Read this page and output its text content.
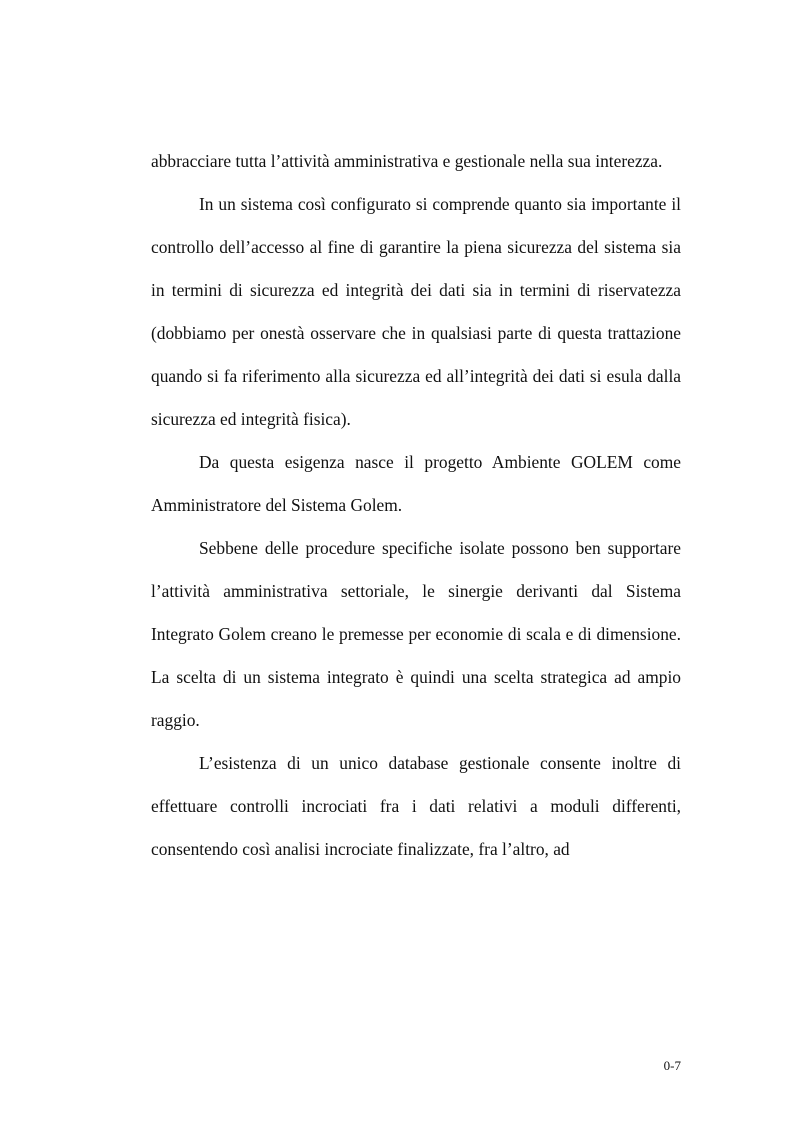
abbracciare tutta l’attività amministrativa e gestionale nella sua interezza.

In un sistema così configurato si comprende quanto sia importante il controllo dell’accesso al fine di garantire la piena sicurezza del sistema sia in termini di sicurezza ed integrità dei dati sia in termini di riservatezza (dobbiamo per onestà osservare che in qualsiasi parte di questa trattazione quando si fa riferimento alla sicurezza ed all’integrità dei dati si esula dalla sicurezza ed integrità fisica).

Da questa esigenza nasce il progetto Ambiente GOLEM come Amministratore del Sistema Golem.

Sebbene delle procedure specifiche isolate possono ben supportare l’attività amministrativa settoriale, le sinergie derivanti dal Sistema Integrato Golem creano le premesse per economie di scala e di dimensione. La scelta di un sistema integrato è quindi una scelta strategica ad ampio raggio.

L’esistenza di un unico database gestionale consente inoltre di effettuare controlli incrociati fra i dati relativi a moduli differenti, consentendo così analisi incrociate finalizzate, fra l’altro, ad

0-7
